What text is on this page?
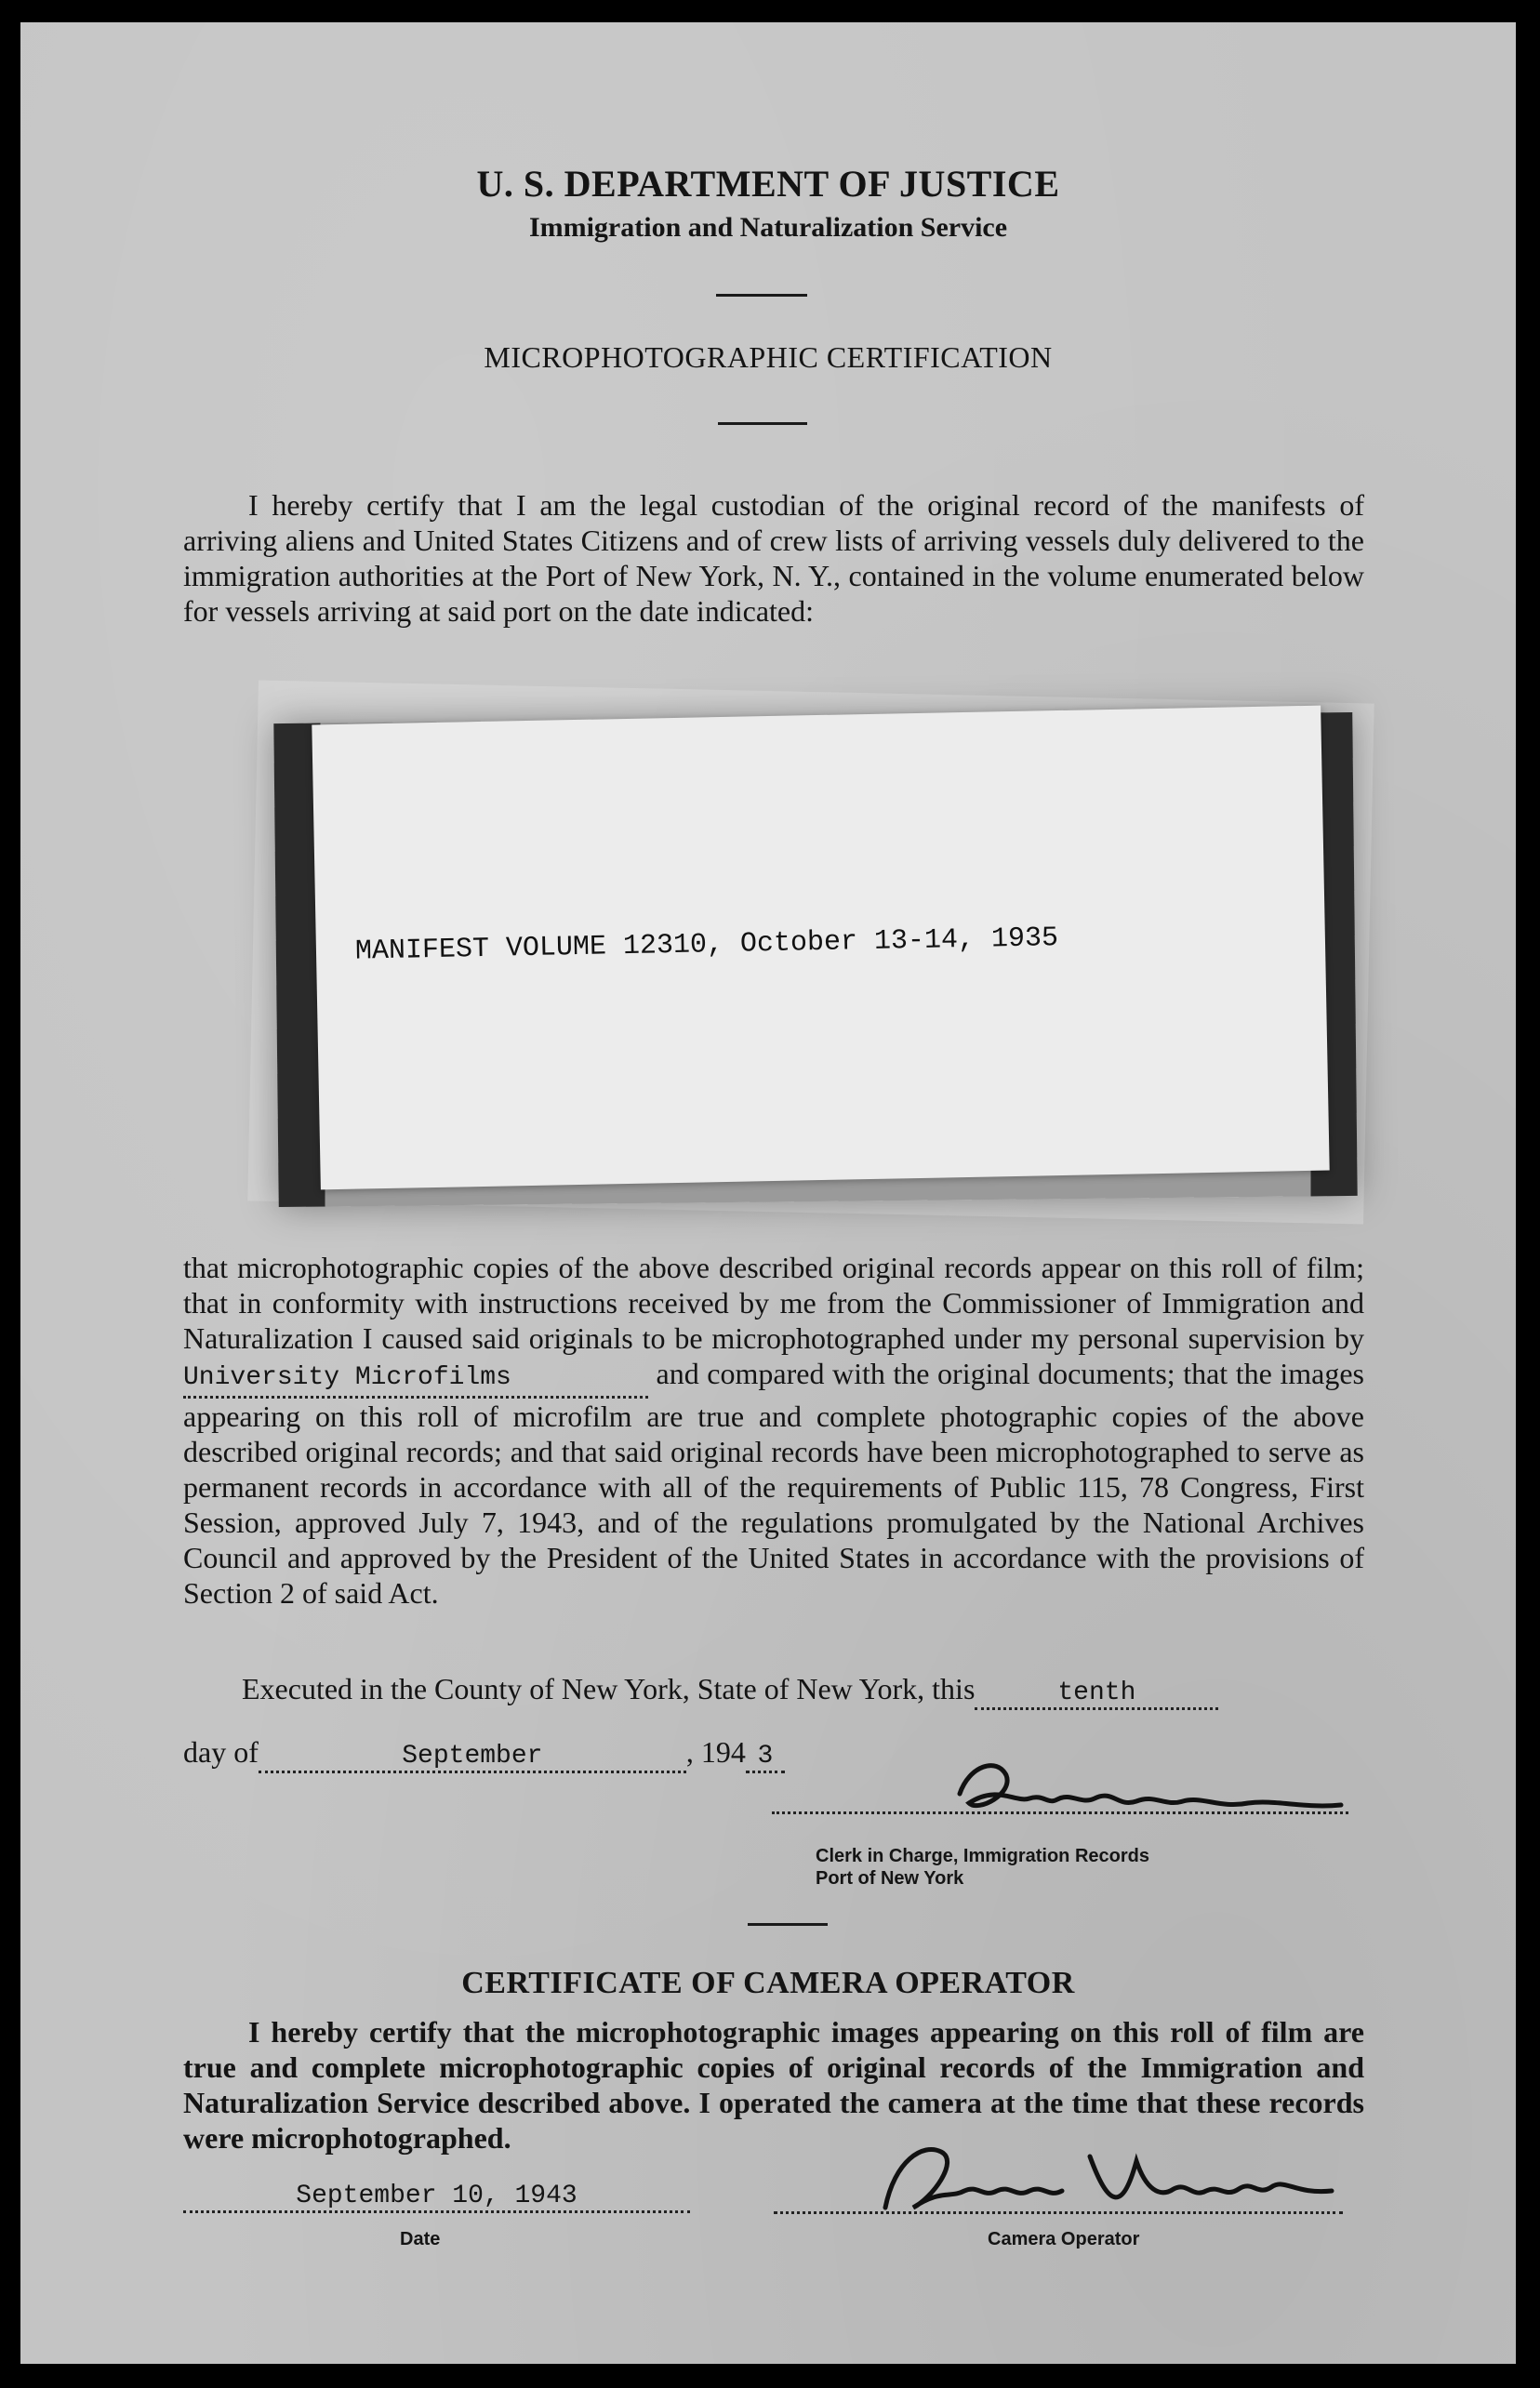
U. S. DEPARTMENT OF JUSTICE
Immigration and Naturalization Service
MICROPHOTOGRAPHIC CERTIFICATION
I hereby certify that I am the legal custodian of the original record of the manifests of arriving aliens and United States Citizens and of crew lists of arriving vessels duly delivered to the immigration authorities at the Port of New York, N. Y., contained in the volume enumerated below for vessels arriving at said port on the date indicated:
MANIFEST VOLUME 12310, October 13-14, 1935
that microphotographic copies of the above described original records appear on this roll of film; that in conformity with instructions received by me from the Commissioner of Immigration and Naturalization I caused said originals to be microphotographed under my personal supervision by University Microfilms	and compared with the original documents; that the images appearing on this roll of microfilm are true and complete photographic copies of the above described original records; and that said original records have been microphotographed to serve as permanent records in accordance with all of the requirements of Public 115, 78 Congress, First Session, approved July 7, 1943, and of the regulations promulgated by the National Archives Council and approved by the President of the United States in accordance with the provisions of Section 2 of said Act.
Executed in the County of New York, State of New York, this	tenth
day of	September	, 194 3
Clerk in Charge, Immigration Records
Port of New York
CERTIFICATE OF CAMERA OPERATOR
I hereby certify that the microphotographic images appearing on this roll of film are true and complete microphotographic copies of original records of the Immigration and Naturalization Service described above. I operated the camera at the time that these records were microphotographed.
September 10, 1943
Date	Camera Operator
